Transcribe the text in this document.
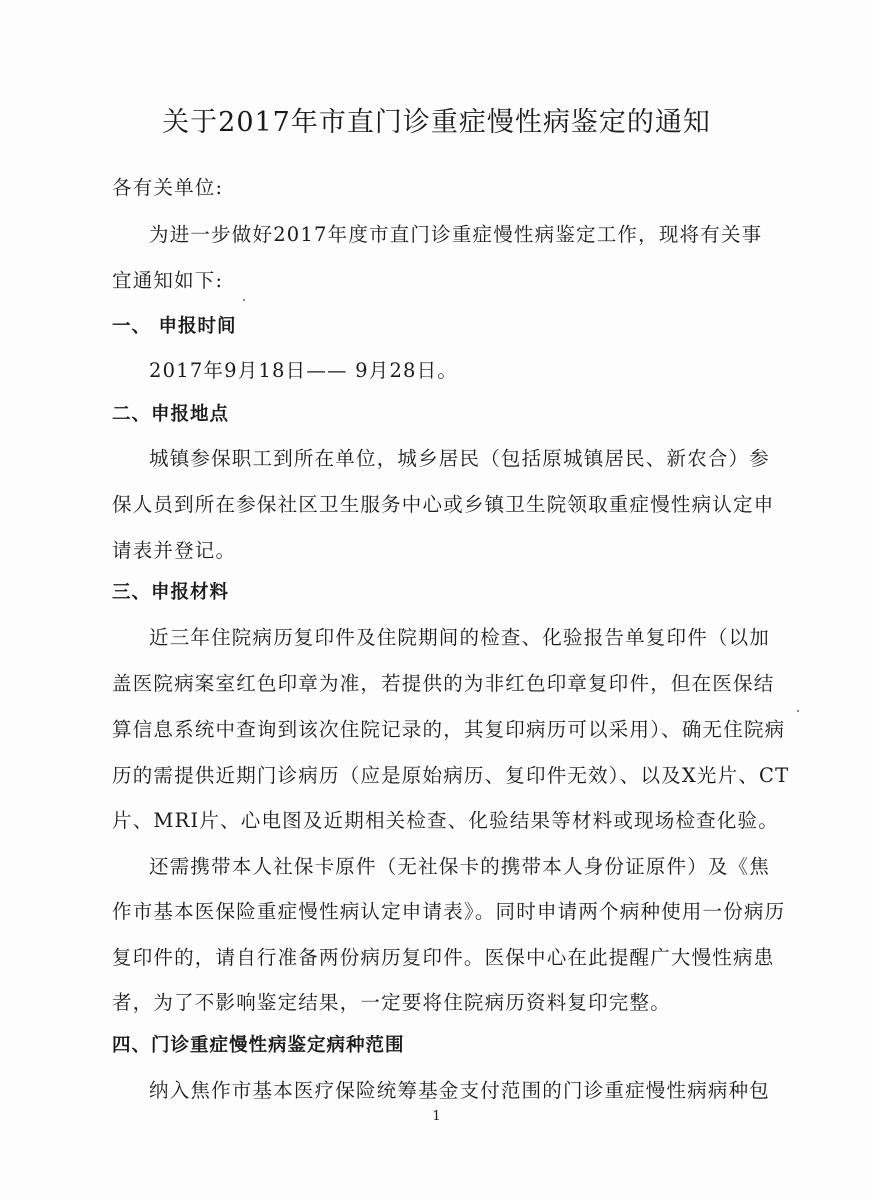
关于2017年市直门诊重症慢性病鉴定的通知
各有关单位:
为进一步做好2017年度市直门诊重症慢性病鉴定工作，现将有关事
宜通知如下:
一、 申报时间
2017年9月18日—— 9月28日。
二、申报地点
城镇参保职工到所在单位，城乡居民（包括原城镇居民、新农合）参
保人员到所在参保社区卫生服务中心或乡镇卫生院领取重症慢性病认定申
请表并登记。
三、申报材料
近三年住院病历复印件及住院期间的检查、化验报告单复印件（以加
盖医院病案室红色印章为准，若提供的为非红色印章复印件，但在医保结
算信息系统中查询到该次住院记录的，其复印病历可以采用）、确无住院病
历的需提供近期门诊病历（应是原始病历、复印件无效）、以及X光片、CT
片、MRI片、心电图及近期相关检查、化验结果等材料或现场检查化验。
还需携带本人社保卡原件（无社保卡的携带本人身份证原件）及《焦
作市基本医保险重症慢性病认定申请表》。同时申请两个病种使用一份病历
复印件的，请自行准备两份病历复印件。医保中心在此提醒广大慢性病患
者，为了不影响鉴定结果，一定要将住院病历资料复印完整。
四、门诊重症慢性病鉴定病种范围
纳入焦作市基本医疗保险统筹基金支付范围的门诊重症慢性病病种包
1
